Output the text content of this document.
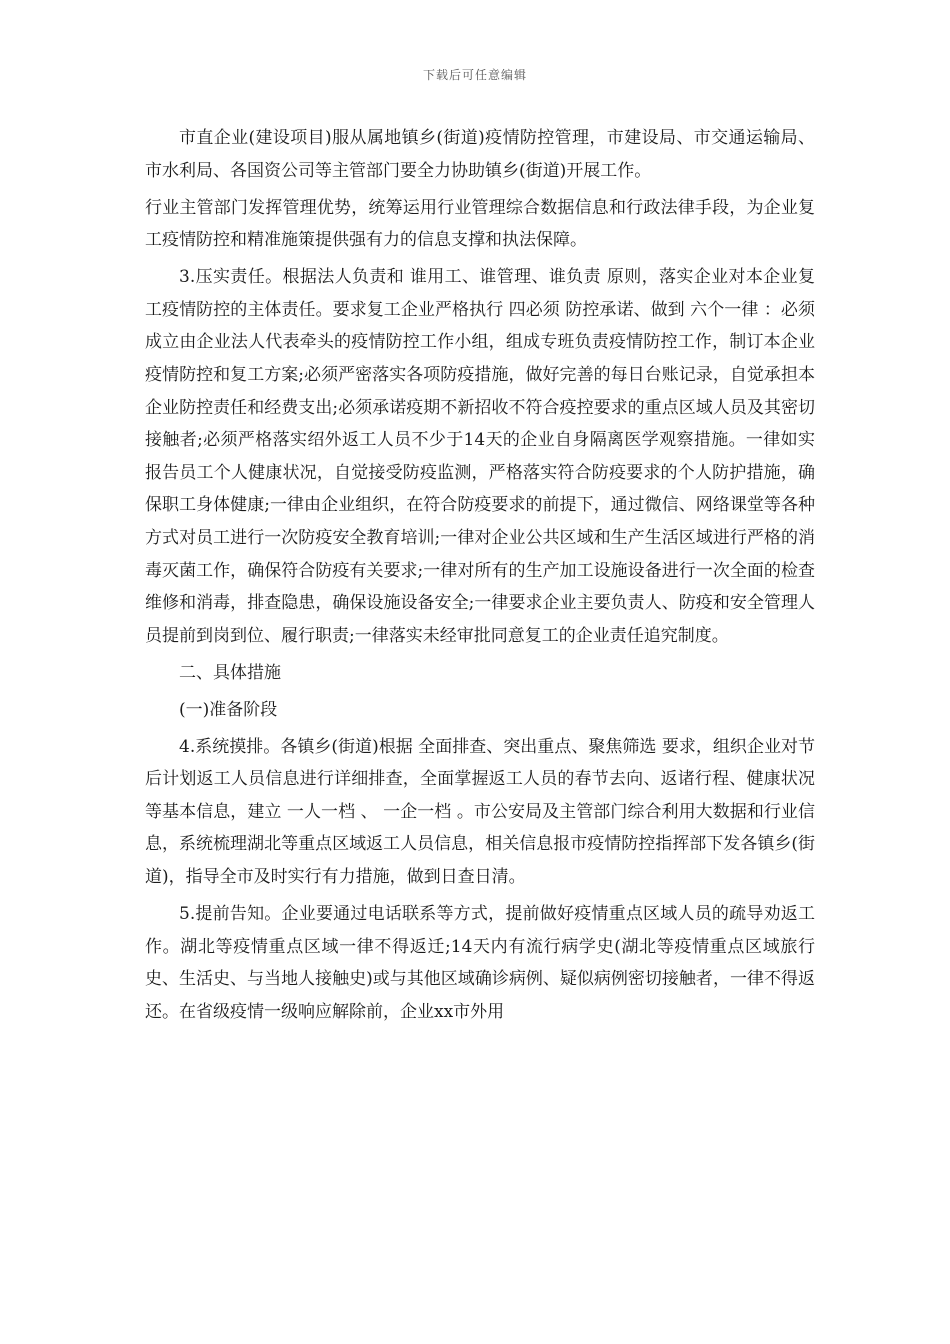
下载后可任意编辑

市直企业(建设项目)服从属地镇乡(街道)疫情防控管理，市建设局、市交通运输局、市水利局、各国资公司等主管部门要全力协助镇乡(街道)开展工作。

行业主管部门发挥管理优势，统筹运用行业管理综合数据信息和行政法律手段，为企业复工疫情防控和精准施策提供强有力的信息支撑和执法保障。

3.压实责任。根据法人负责和 谁用工、谁管理、谁负责 原则，落实企业对本企业复工疫情防控的主体责任。要求复工企业严格执行 四必须 防控承诺、做到 六个一律 ：必须成立由企业法人代表牵头的疫情防控工作小组，组成专班负责疫情防控工作，制订本企业疫情防控和复工方案;必须严密落实各项防疫措施，做好完善的每日台账记录，自觉承担本企业防控责任和经费支出;必须承诺疫期不新招收不符合疫控要求的重点区域人员及其密切接触者;必须严格落实绍外返工人员不少于14天的企业自身隔离医学观察措施。一律如实报告员工个人健康状况，自觉接受防疫监测，严格落实符合防疫要求的个人防护措施，确保职工身体健康;一律由企业组织，在符合防疫要求的前提下，通过微信、网络课堂等各种方式对员工进行一次防疫安全教育培训;一律对企业公共区域和生产生活区域进行严格的消毒灭菌工作，确保符合防疫有关要求;一律对所有的生产加工设施设备进行一次全面的检查维修和消毒，排查隐患，确保设施设备安全;一律要求企业主要负责人、防疫和安全管理人员提前到岗到位、履行职责;一律落实未经审批同意复工的企业责任追究制度。

二、具体措施

(一)准备阶段

4.系统摸排。各镇乡(街道)根据 全面排查、突出重点、聚焦筛选 要求，组织企业对节后计划返工人员信息进行详细排查，全面掌握返工人员的春节去向、返诸行程、健康状况等基本信息，建立 一人一档 、 一企一档 。市公安局及主管部门综合利用大数据和行业信息，系统梳理湖北等重点区域返工人员信息，相关信息报市疫情防控指挥部下发各镇乡(街道)，指导全市及时实行有力措施，做到日查日清。

5.提前告知。企业要通过电话联系等方式，提前做好疫情重点区域人员的疏导劝返工作。湖北等疫情重点区域一律不得返迁;14天内有流行病学史(湖北等疫情重点区域旅行史、生活史、与当地人接触史)或与其他区域确诊病例、疑似病例密切接触者，一律不得返还。在省级疫情一级响应解除前，企业xx市外用
